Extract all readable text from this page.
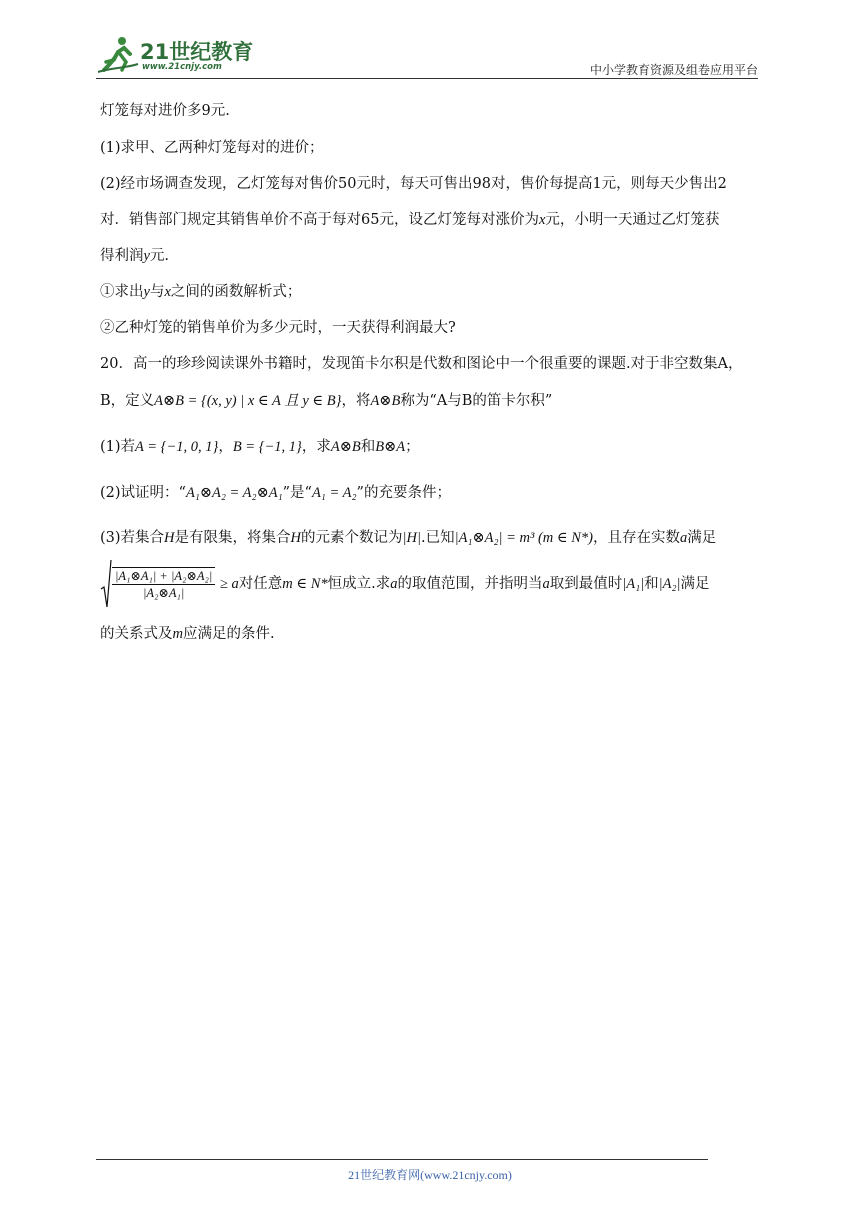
21世纪教育
www.21cnjy.com	中小学教育资源及组卷应用平台
灯笼每对进价多9元.
(1)求甲、乙两种灯笼每对的进价；
(2)经市场调查发现，乙灯笼每对售价50元时，每天可售出98对，售价每提高1元，则每天少售出2
对．销售部门规定其销售单价不高于每对65元，设乙灯笼每对涨价为x元，小明一天通过乙灯笼获
得利润y元.
①求出y与x之间的函数解析式；
②乙种灯笼的销售单价为多少元时，一天获得利润最大?
20．高一的珍珍阅读课外书籍时，发现笛卡尔积是代数和图论中一个很重要的课题.对于非空数集A，
B，定义A⊗B = {(x, y) | x ∈ A 且 y ∈ B}，将A⊗B称为“A与B的笛卡尔积”
(1)若A = {−1, 0, 1}，B = {−1, 1}，求A⊗B和B⊗A；
(2)试证明：“A₁⊗A₂ = A₂⊗A₁”是“A₁ = A₂”的充要条件；
(3)若集合H是有限集，将集合H的元素个数记为|H|.已知|A₁⊗A₂| = m³ (m ∈ N*)，且存在实数a满足
$\frac{\text{|A₁⊗A₁| + |A₂⊗A₂|}}{\text{|A₂⊗A₁|}} \ge a$对任意m ∈ N*恒成立.求a的取值范围，并指明当a取到最值时|A₁|和|A₂|满足
的关系式及m应满足的条件.
21世纪教育网(www.21cnjy.com)
